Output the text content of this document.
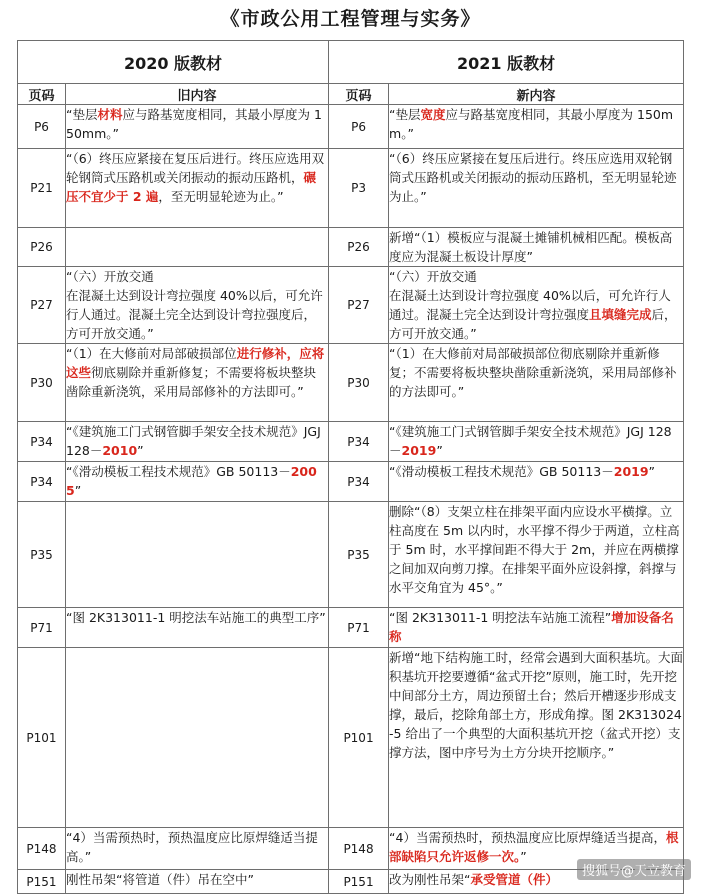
《市政公用工程管理与实务》
2020 版教材		2021 版教材	
页码	旧内容	页码	新内容
P6	“垫层材料应与路基宽度相同，其最小厚度为 150mm。”	P6	“垫层宽度应与路基宽度相同，其最小厚度为 150mm。”
P21	“（6）终压应紧接在复压后进行。终压应选用双轮钢筒式压路机或关闭振动的振动压路机，碾压不宜少于 2 遍，至无明显轮迹为止。”	P3	“（6）终压应紧接在复压后进行。终压应选用双轮钢筒式压路机或关闭振动的振动压路机，至无明显轮迹为止。”
P26		P26	新增“（1）模板应与混凝土摊铺机械相匹配。模板高度应为混凝土板设计厚度”
P27	“（六）开放交通
在混凝土达到设计弯拉强度 40%以后，可允许行人通过。混凝土完全达到设计弯拉强度后，方可开放交通。”	P27	“（六）开放交通
在混凝土达到设计弯拉强度 40%以后，可允许行人通过。混凝土完全达到设计弯拉强度且填缝完成后，方可开放交通。”
P30	“（1）在大修前对局部破损部位进行修补，应将这些彻底剔除并重新修复；不需要将板块整块凿除重新浇筑，采用局部修补的方法即可。”	P30	“（1）在大修前对局部破损部位彻底剔除并重新修复；不需要将板块整块凿除重新浇筑，采用局部修补的方法即可。”
P34	“《建筑施工门式钢管脚手架安全技术规范》JGJ 128－2010”	P34	“《建筑施工门式钢管脚手架安全技术规范》JGJ 128－2019”
P34	“《滑动模板工程技术规范》GB 50113－2005”	P34	“《滑动模板工程技术规范》GB 50113－2019”
P35		P35	删除“（8）支架立柱在排架平面内应设水平横撑。立柱高度在 5m 以内时，水平撑不得少于两道，立柱高于 5m 时，水平撑间距不得大于 2m，并应在两横撑之间加双向剪刀撑。在排架平面外应设斜撑，斜撑与水平交角宜为 45°。”
P71	“图 2K313011-1 明挖法车站施工的典型工序”	P71	“图 2K313011-1 明挖法车站施工流程”增加设备名称
P101		P101	新增“地下结构施工时，经常会遇到大面积基坑。大面积基坑开挖要遵循“盆式开挖”原则，施工时，先开挖中间部分土方，周边预留土台；然后开槽逐步形成支撑，最后，挖除角部土方，形成角撑。图 2K313024-5 给出了一个典型的大面积基坑开挖（盆式开挖）支撑方法，图中序号为土方分块开挖顺序。”
P148	“4）当需预热时，预热温度应比原焊缝适当提高。”	P148	“4）当需预热时，预热温度应比原焊缝适当提高，根部缺陷只允许返修一次。”
P151	刚性吊架“将管道（件）吊在空中”	P151	改为刚性吊架“承受管道（件）
搜狐号@天立教育
